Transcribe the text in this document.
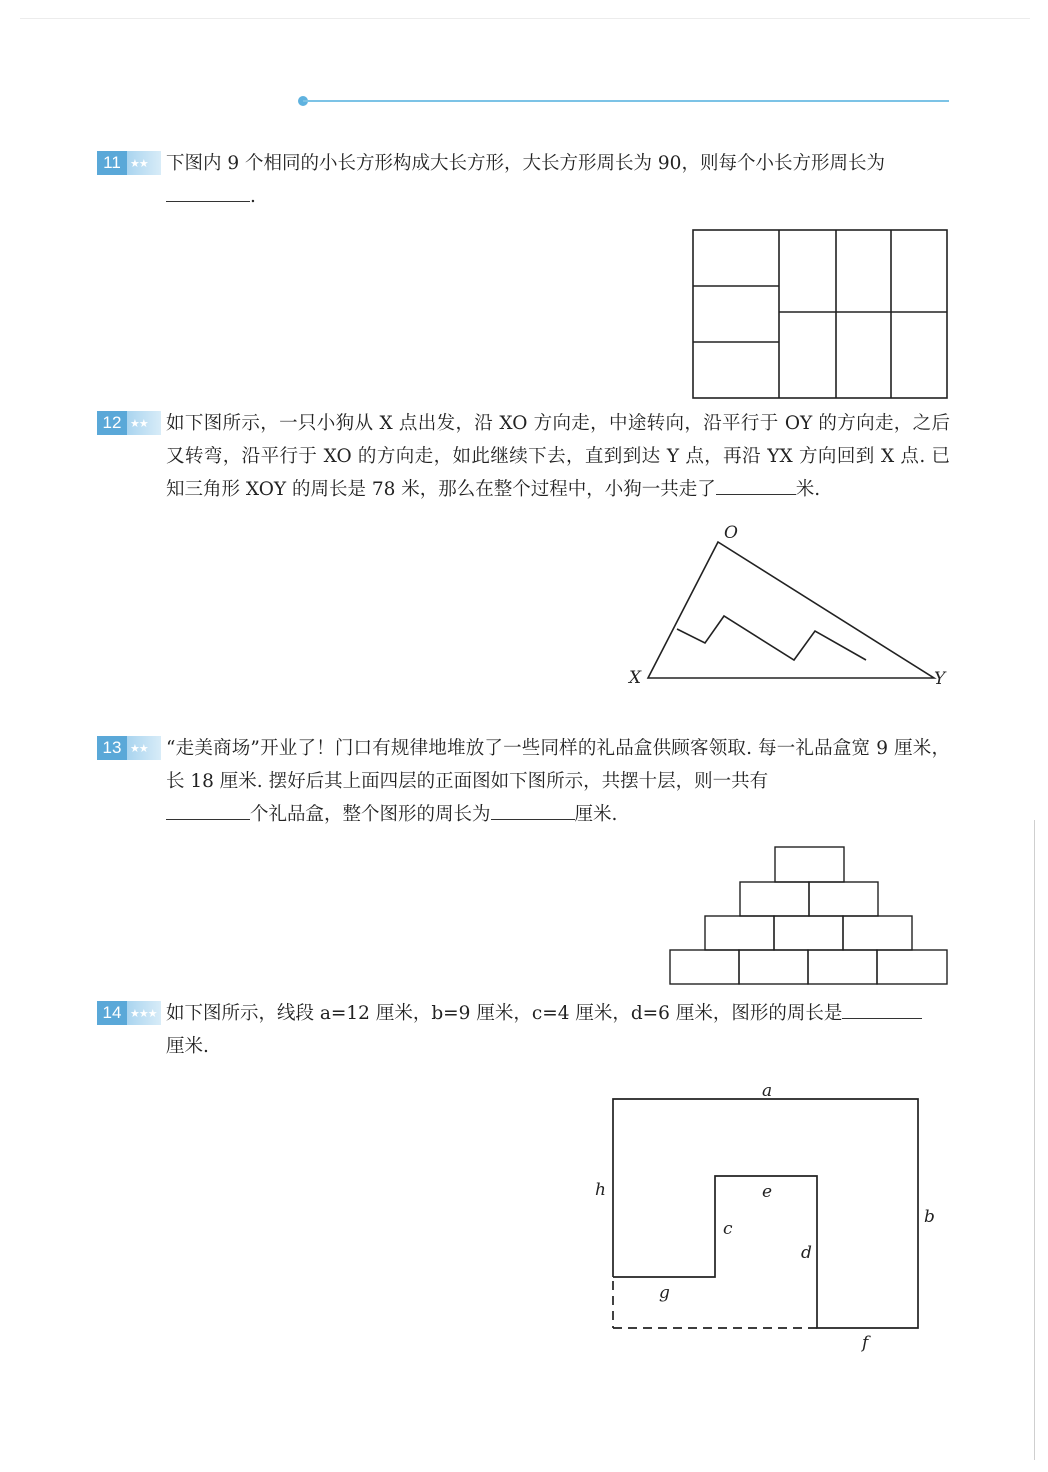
11 ★★ 下图内 9 个相同的小长方形构成大长方形，大长方形周长为 90，则每个小长方形周长为
.
12 ★★ 如下图所示，一只小狗从 X 点出发，沿 XO 方向走，中途转向，沿平行于 OY 的方向走，之后又转弯，沿平行于 XO 的方向走，如此继续下去，直到到达 Y 点，再沿 YX 方向回到 X 点. 已知三角形 XOY 的周长是 78 米，那么在整个过程中，小狗一共走了	米.
O
X	Y
13 ★★ “走美商场”开业了！门口有规律地堆放了一些同样的礼品盒供顾客领取. 每一礼品盒宽 9 厘米，长 18 厘米. 摆好后其上面四层的正面图如下图所示，共摆十层，则一共有
个礼品盒，整个图形的周长为	厘米.
14 ★★★ 如下图所示，线段 a=12 厘米，b=9 厘米，c=4 厘米，d=6 厘米，图形的周长是
厘米.
a
h
b
e
c
d
g
f
